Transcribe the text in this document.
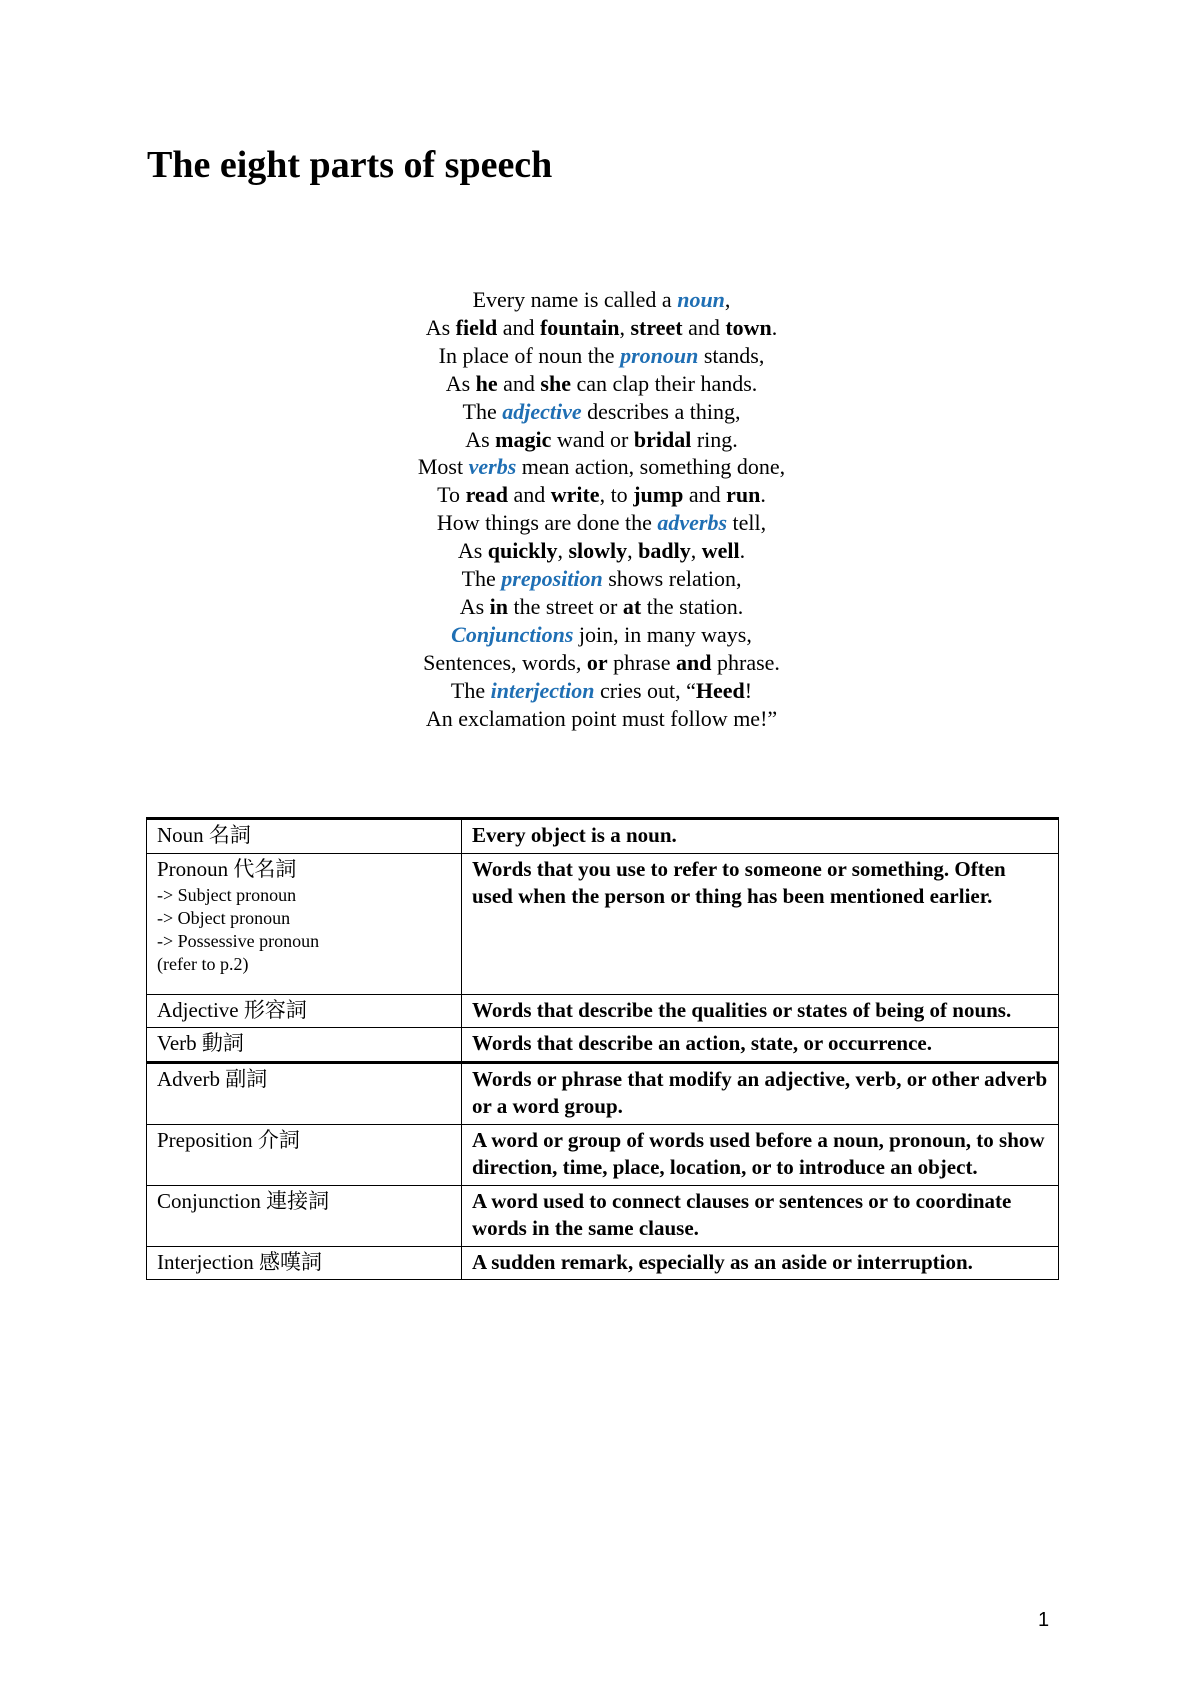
The eight parts of speech
Every name is called a noun,
As field and fountain, street and town.
In place of noun the pronoun stands,
As he and she can clap their hands.
The adjective describes a thing,
As magic wand or bridal ring.
Most verbs mean action, something done,
To read and write, to jump and run.
How things are done the adverbs tell,
As quickly, slowly, badly, well.
The preposition shows relation,
As in the street or at the station.
Conjunctions join, in many ways,
Sentences, words, or phrase and phrase.
The interjection cries out, “Heed!
An exclamation point must follow me!”
Noun 名詞	Every object is a noun.

Pronoun 代名詞
-> Subject pronoun
-> Object pronoun
-> Possessive pronoun
(refer to p.2)	Words that you use to refer to someone or something. Often used when the person or thing has been mentioned earlier.
Adjective 形容詞	Words that describe the qualities or states of being of nouns.
Verb 動詞	Words that describe an action, state, or occurrence.
Adverb 副詞	Words or phrase that modify an adjective, verb, or other adverb or a word group.
Preposition 介詞	A word or group of words used before a noun, pronoun, to show direction, time, place, location, or to introduce an object.
Conjunction 連接詞	A word used to connect clauses or sentences or to coordinate words in the same clause.
Interjection 感嘆詞	A sudden remark, especially as an aside or interruption.
1
